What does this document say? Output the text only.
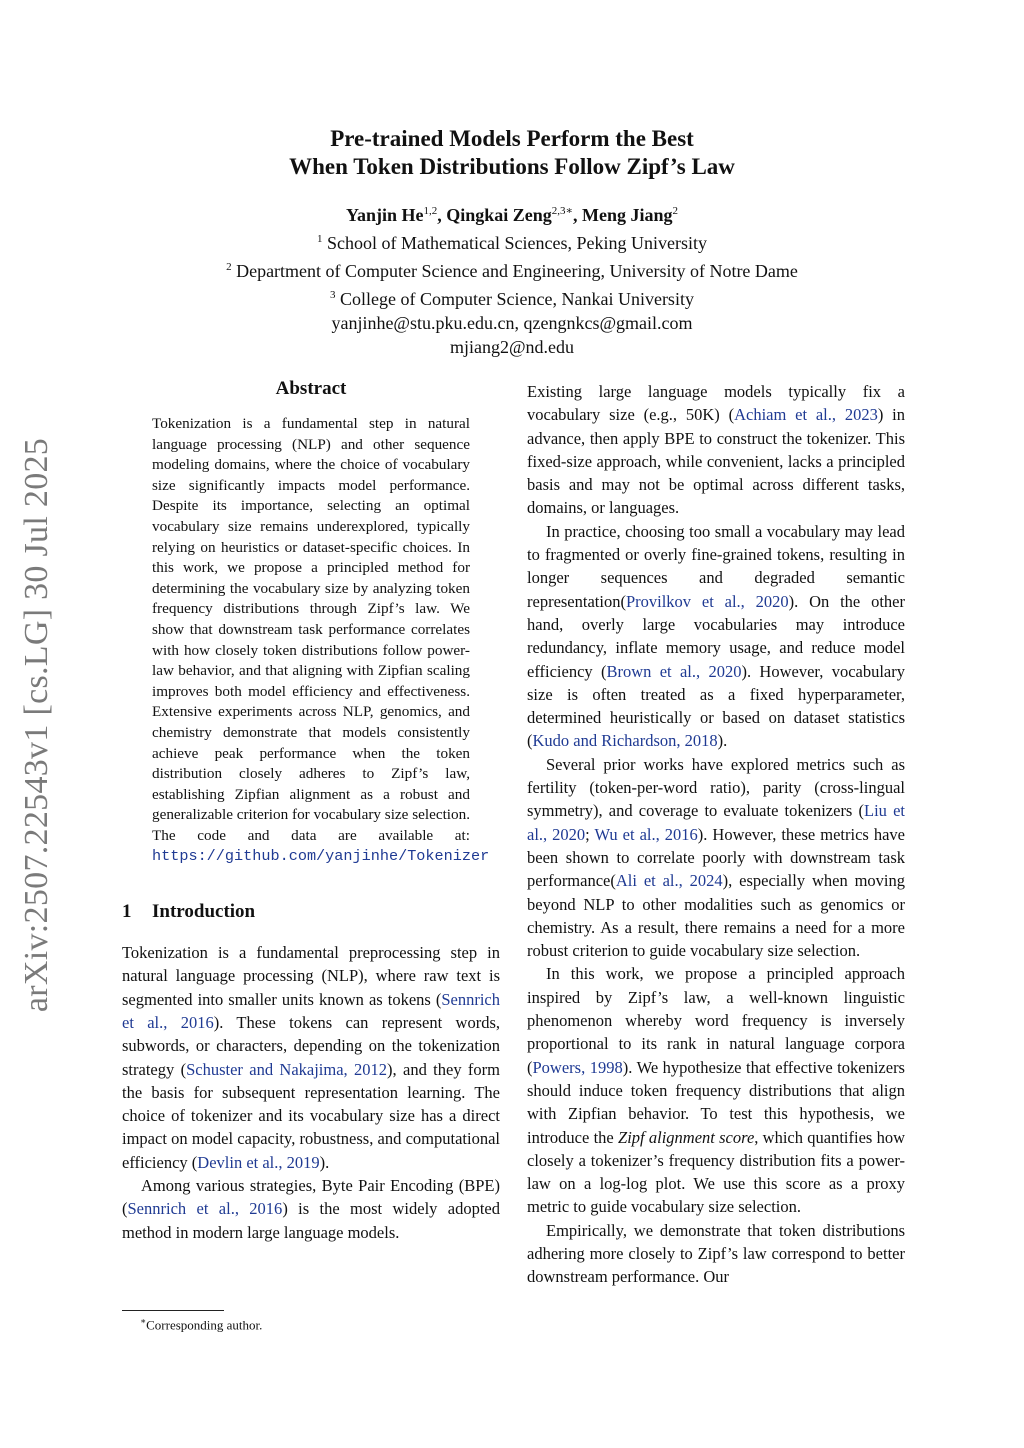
arXiv:2507.22543v1 [cs.LG] 30 Jul 2025
Pre-trained Models Perform the Best
When Token Distributions Follow Zipf’s Law
Yanjin He$^{1,2}$, Qingkai Zeng$^{2,3∗}$, Meng Jiang$^2$
$^1$ School of Mathematical Sciences, Peking University
$^2$ Department of Computer Science and Engineering, University of Notre Dame
$^3$ College of Computer Science, Nankai University
yanjinhe@stu.pku.edu.cn, qzengnkcs@gmail.com
mjiang2@nd.edu
Abstract
Tokenization is a fundamental step in natural language processing (NLP) and other sequence modeling domains, where the choice of vocabulary size significantly impacts model performance. Despite its importance, selecting an optimal vocabulary size remains underexplored, typically relying on heuristics or dataset-specific choices. In this work, we propose a principled method for determining the vocabulary size by analyzing token frequency distributions through Zipf’s law. We show that downstream task performance correlates with how closely token distributions follow power-law behavior, and that aligning with Zipfian scaling improves both model efficiency and effectiveness. Extensive experiments across NLP, genomics, and chemistry demonstrate that models consistently achieve peak performance when the token distribution closely adheres to Zipf’s law, establishing Zipfian alignment as a robust and generalizable criterion for vocabulary size selection. The code and data are available at: https://github.com/yanjinhe/Tokenizer
1 Introduction

Tokenization is a fundamental preprocessing step in natural language processing (NLP), where raw text is segmented into smaller units known as tokens (Sennrich et al., 2016). These tokens can represent words, subwords, or characters, depending on the tokenization strategy (Schuster and Nakajima, 2012), and they form the basis for subsequent representation learning. The choice of tokenizer and its vocabulary size has a direct impact on model capacity, robustness, and computational efficiency (Devlin et al., 2019).

Among various strategies, Byte Pair Encoding (BPE) (Sennrich et al., 2016) is the most widely adopted method in modern large language models.

Existing large language models typically fix a vocabulary size (e.g., 50K) (Achiam et al., 2023) in advance, then apply BPE to construct the tokenizer. This fixed-size approach, while convenient, lacks a principled basis and may not be optimal across different tasks, domains, or languages.

In practice, choosing too small a vocabulary may lead to fragmented or overly fine-grained tokens, resulting in longer sequences and degraded semantic representation(Provilkov et al., 2020). On the other hand, overly large vocabularies may introduce redundancy, inflate memory usage, and reduce model efficiency (Brown et al., 2020). However, vocabulary size is often treated as a fixed hyperparameter, determined heuristically or based on dataset statistics (Kudo and Richardson, 2018).

Several prior works have explored metrics such as fertility (token-per-word ratio), parity (cross-lingual symmetry), and coverage to evaluate tokenizers (Liu et al., 2020; Wu et al., 2016). However, these metrics have been shown to correlate poorly with downstream task performance(Ali et al., 2024), especially when moving beyond NLP to other modalities such as genomics or chemistry. As a result, there remains a need for a more robust criterion to guide vocabulary size selection.

In this work, we propose a principled approach inspired by Zipf’s law, a well-known linguistic phenomenon whereby word frequency is inversely proportional to its rank in natural language corpora (Powers, 1998). We hypothesize that effective tokenizers should induce token frequency distributions that align with Zipfian behavior. To test this hypothesis, we introduce the Zipf alignment score, which quantifies how closely a tokenizer’s frequency distribution fits a power-law on a log-log plot. We use this score as a proxy metric to guide vocabulary size selection.

Empirically, we demonstrate that token distributions adhering more closely to Zipf’s law correspond to better downstream performance. Our

∗Corresponding author.
